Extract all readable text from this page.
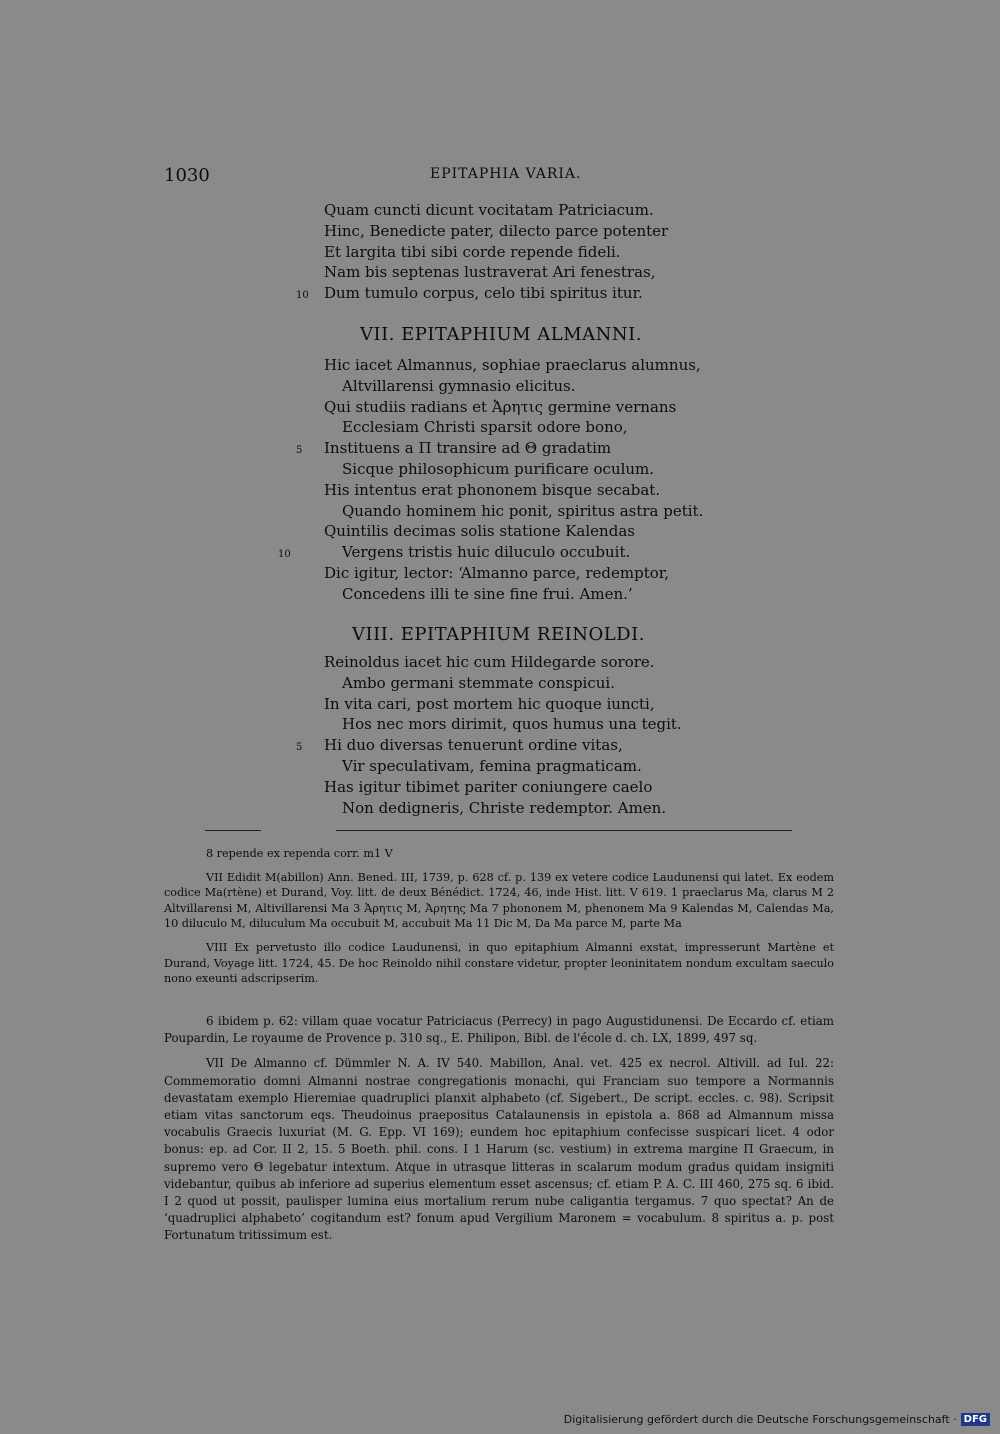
1030	EPITAPHIA VARIA.
Quam cuncti dicunt vocitatam Patriciacum.
Hinc, Benedicte pater, dilecto parce potenter
Et largita tibi sibi corde repende fideli.
Nam bis septenas lustraverat Ari fenestras,
10 Dum tumulo corpus, celo tibi spiritus itur.
VII. EPITAPHIUM ALMANNI.
Hic iacet Almannus, sophiae praeclarus alumnus,
Altvillarensi gymnasio elicitus.
Qui studiis radians et Ἀρητις germine vernans
Ecclesiam Christi sparsit odore bono,
5 Instituens a Π transire ad Θ gradatim
Sicque philosophicum purificare oculum.
His intentus erat phononem bisque secabat.
Quando hominem hic ponit, spiritus astra petit.
Quintilis decimas solis statione Kalendas
10	Vergens tristis huic diluculo occubuit.
Dic igitur, lector: ‘Almanno parce, redemptor,
Concedens illi te sine fine frui. Amen.’
VIII. EPITAPHIUM REINOLDI.
Reinoldus iacet hic cum Hildegarde sorore.
Ambo germani stemmate conspicui.
In vita cari, post mortem hic quoque iuncti,
Hos nec mors dirimit, quos humus una tegit.
5 Hi duo diversas tenuerunt ordine vitas,
Vir speculativam, femina pragmaticam.
Has igitur tibimet pariter coniungere caelo
Non dedigneris, Christe redemptor. Amen.

8 repende ex rependa corr. m1 V

VII Edidit M(abillon) Ann. Bened. III, 1739, p. 628 cf. p. 139 ex vetere codice Laudunensi qui latet. Ex eodem codice Ma(rtène) et Durand, Voy. litt. de deux Bénédict. 1724, 46, inde Hist. litt. V 619. 1 praeclarus Ma, clarus M 2 Altvillarensi M, Altivillarensi Ma 3 Ἀρητις M, Ἀρητης Ma 7 phononem M, phenonem Ma 9 Kalendas M, Calendas Ma, 10 diluculo M, diluculum Ma occubuit M, accubuit Ma 11 Dic M, Da Ma parce M, parte Ma

VIII Ex pervetusto illo codice Laudunensi, in quo epitaphium Almanni exstat, impresserunt Martène et Durand, Voyage litt. 1724, 45. De hoc Reinoldo nihil constare videtur, propter leoninitatem nondum excultam saeculo nono exeunti adscripserim.

6 ibidem p. 62: villam quae vocatur Patriciacus (Perrecy) in pago Augustidunensi. De Eccardo cf. etiam Poupardin, Le royaume de Provence p. 310 sq., E. Philipon, Bibl. de l'école d. ch. LX, 1899, 497 sq.

VII De Almanno cf. Dümmler N. A. IV 540. Mabillon, Anal. vet. 425 ex necrol. Altivill. ad Iul. 22: Commemoratio domni Almanni nostrae congregationis monachi, qui Franciam suo tempore a Normannis devastatam exemplo Hieremiae quadruplici planxit alphabeto (cf. Sigebert., De script. eccles. c. 98). Scripsit etiam vitas sanctorum eqs. Theudoinus praepositus Catalaunensis in epistola a. 868 ad Almannum missa vocabulis Graecis luxuriat (M. G. Epp. VI 169); eundem hoc epitaphium confecisse suspicari licet. 4 odor bonus: ep. ad Cor. II 2, 15. 5 Boeth. phil. cons. I 1 Harum (sc. vestium) in extrema margine Π Graecum, in supremo vero Θ legebatur intextum. Atque in utrasque litteras in scalarum modum gradus quidam insigniti videbantur, quibus ab inferiore ad superius elementum esset ascensus; cf. etiam P. A. C. III 460, 275 sq. 6 ibid. I 2 quod ut possit, paulisper lumina eius mortalium rerum nube caligantia tergamus. 7 quo spectat? An de ‘quadruplici alphabeto’ cogitandum est? fonum apud Vergilium Maronem = vocabulum. 8 spiritus a. p. post Fortunatum tritissimum est.

Digitalisierung gefördert durch die Deutsche Forschungsgemeinschaft · DFG
